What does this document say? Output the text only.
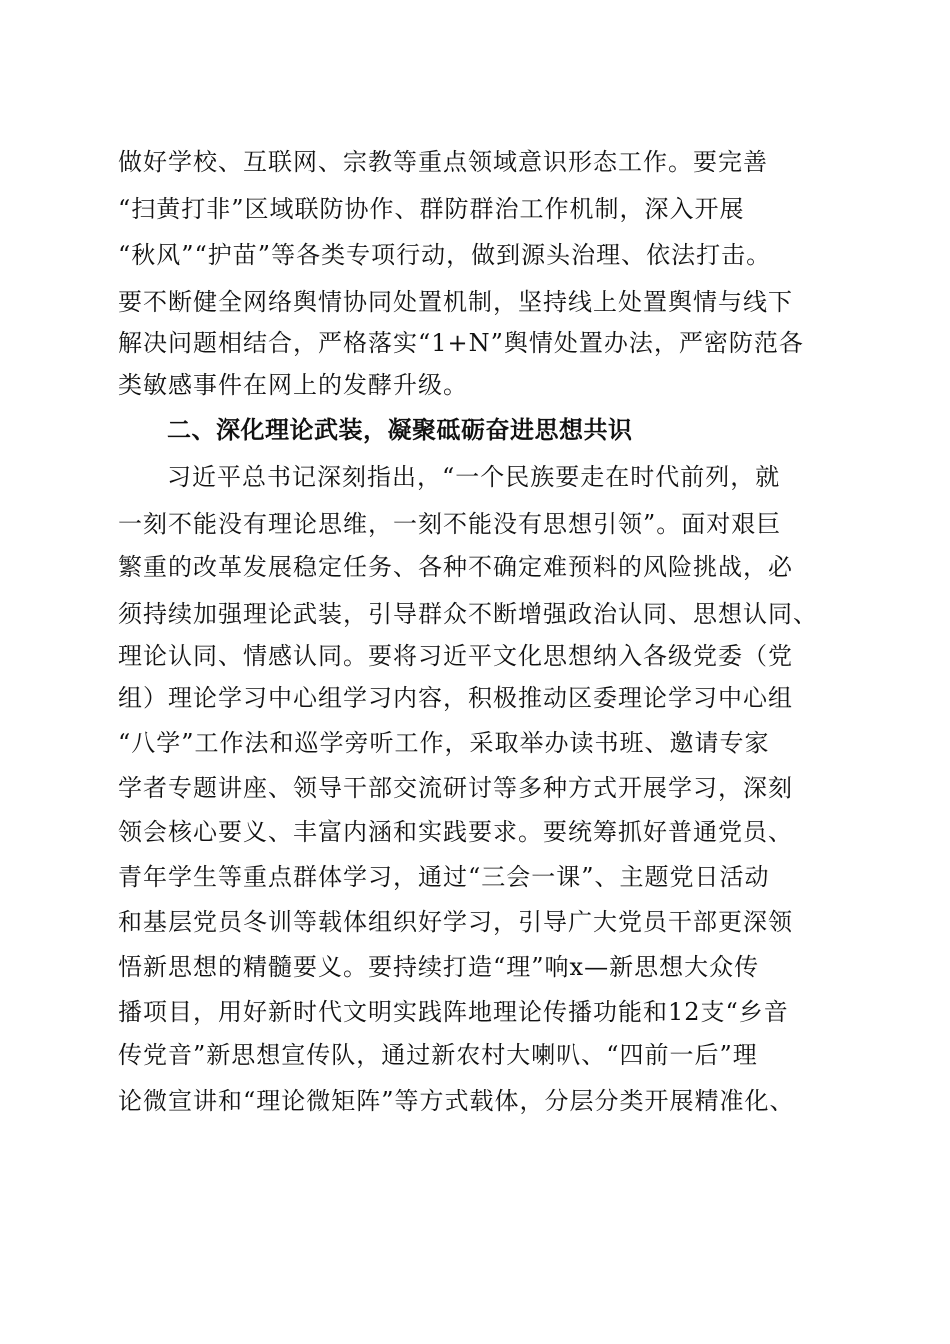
做好学校、互联网、宗教等重点领域意识形态工作。要完善
“扫黄打非”区域联防协作、群防群治工作机制，深入开展
“秋风”“护苗”等各类专项行动，做到源头治理、依法打击。
要不断健全网络舆情协同处置机制，坚持线上处置舆情与线下
解决问题相结合，严格落实“1+N”舆情处置办法，严密防范各
类敏感事件在网上的发酵升级。
二、深化理论武装，凝聚砥砺奋进思想共识
习近平总书记深刻指出，“一个民族要走在时代前列，就
一刻不能没有理论思维，一刻不能没有思想引领”。面对艰巨
繁重的改革发展稳定任务、各种不确定难预料的风险挑战，必
须持续加强理论武装，引导群众不断增强政治认同、思想认同、
理论认同、情感认同。要将习近平文化思想纳入各级党委（党
组）理论学习中心组学习内容，积极推动区委理论学习中心组
“八学”工作法和巡学旁听工作，采取举办读书班、邀请专家
学者专题讲座、领导干部交流研讨等多种方式开展学习，深刻
领会核心要义、丰富内涵和实践要求。要统筹抓好普通党员、
青年学生等重点群体学习，通过“三会一课”、主题党日活动
和基层党员冬训等载体组织好学习，引导广大党员干部更深领
悟新思想的精髓要义。要持续打造“理”响x—新思想大众传
播项目，用好新时代文明实践阵地理论传播功能和12支“乡音
传党音”新思想宣传队，通过新农村大喇叭、“四前一后”理
论微宣讲和“理论微矩阵”等方式载体，分层分类开展精准化、
